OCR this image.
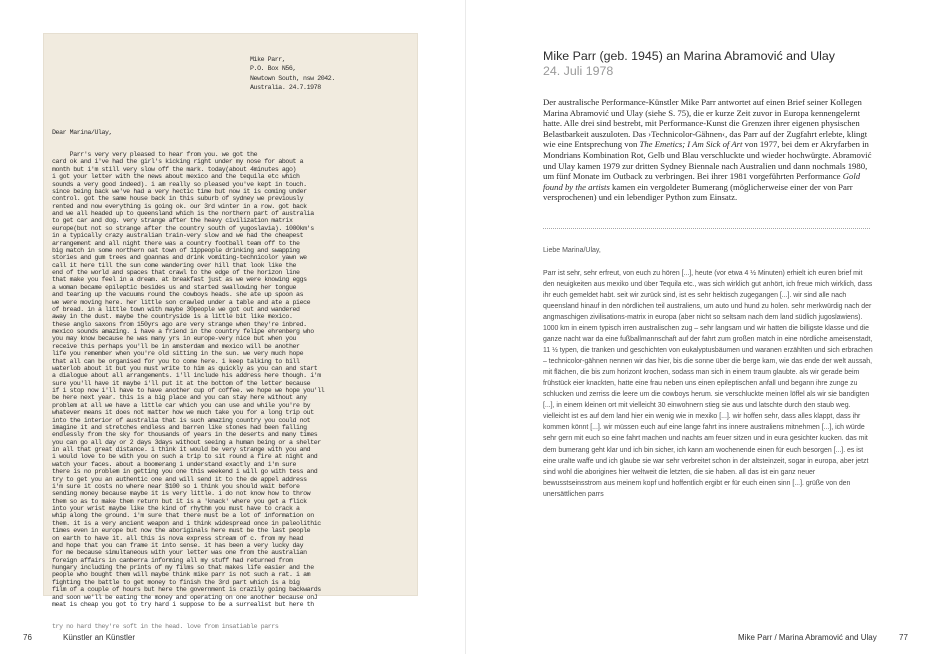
Mike Parr,
P.O. Box N56,
Newtown South, nsw 2042.
Australia. 24.7.1978

Dear Marina/Ulay,

Parr's very very pleased to hear from you. we got the
card ok and i've had the girl's kicking right under my nose for about a
month but i'm still very slow off the mark. today(about 4minutes ago)
i got your letter with the news about mexico and the tequila etc which
sounds a very good indeed). i am really so pleased you've kept in touch.
since being back we've had a very hectic time but now it is coming under
control. got the same house back in this suburb of sydney we previously
rented and now everything is going ok. our 3rd winter in a row. got back
and we all headed up to queensland which is the northern part of australia
to get car and dog. very strange after the heavy civilization matrix
europe(but not so strange after the country south of yugoslavia). 1000km's
in a typically crazy australian train-very slow and we had the cheapest
arrangement and all night there was a country football team off to the
big match in some northern oat town of 11ppeople drinking and swapping
stories and gum trees and goannas and drink vomiting-technicolor yawn we
call it here till the sun come wandering over hill that look like the
end of the world and spaces that crawl to the edge of the horizon line
that make you feel in a dream. at breakfast just as we were knowing eggs
a woman became epileptic besides us and started swallowing her tongue
and tearing up the vacuums round the cowboys heads. she ate up spoon as
we were moving here. her little son crawled under a table and ate a piece
of bread. in a little town with maybe 30people we got out and wandered
away in the dust. maybe the countryside is a little bit like mexico.
these anglo saxons from 150yrs ago are very strange when they're inbred.
mexico sounds amazing. i have a friend in the country felipe ehrenberg who
you may know because he was many yrs in europe-very nice but when you
receive this perhaps you'll be in amsterdam and mexico will be another
life you remember when you're old sitting in the sun. we very much hope
that all can be organised for you to come here. i keep talking to bill
waterlob about it but you must write to him as quickly as you can and start
a dialogue about all arrangements. i'll include his address here though. i'm
sure you'll have it maybe i'll put it at the bottom of the letter because
if i stop now i'll have to have another cup of coffee. we hope we hope you'll
be here next year. this is a big place and you can stay here without any
problem at all we have a little car which you can use and while you're by
whatever means it does not matter how we much take you for a long trip out
into the interior of australia that is such amazing country you could not
imagine it and stretches endless and barren like stones had been falling
endlessly from the sky for thousands of years in the deserts and many times
you can go all day or 2 days 3days without seeing a human being or a shelter
in all that great distance. i think it would be very strange with you and
i would love to be with you on such a trip to sit round a fire at night and
watch your faces. about a boomerang i understand exactly and i'm sure
there is no problem in getting you one this weekend i will go with tess and
try to get you an authentic one and will send it to the de appel address
i'm sure it costs no where near $100 so i think you should wait before
sending money because maybe it is very little. i do not know how to throw
them so as to make them return but it is a 'knack' where you get a flick
into your wrist maybe like the kind of rhythm you must have to crack a
whip along the ground. i'm sure that there must be a lot of information on
them. it is a very ancient weapon and i think widespread once in paleolithic
times even in europe but now the aboriginals here must be the last people
on earth to have it. all this is nova express stream of c. from my head
and hope that you can frame it into sense. it has been a very lucky day
for me because simultaneous with your letter was one from the australian
foreign affairs in canberra informing all my stuff had returned from
hungary including the prints of my films so that makes life easier and the
people who bought them will maybe think mike parr is not such a rat. i am
fighting the battle to get money to finish the 3rd part which is a big
film of a couple of hours but here the government is crazily going backwards
and soon we'll be eating the money and operating on one another because onJ
meat is cheap you got to try hard i suppose to be a surrealist but here th

try no hard they're soft in the head. love from insatiable parrs

76	Künstler an Künstler
Mike Parr (geb. 1945) an Marina Abramović and Ulay
24. Juli 1978
Der australische Performance-Künstler Mike Parr antwortet auf einen Brief seiner Kollegen Marina Abramović und Ulay (siehe S. 75), die er kurze Zeit zuvor in Europa kennengelernt hatte. Alle drei sind bestrebt, mit Performance-Kunst die Grenzen ihrer eigenen physischen Belastbarkeit auszuloten. Das ›Technicolor-Gähnen‹, das Parr auf der Zugfahrt erlebte, klingt wie eine Entsprechung von The Emetics; I Am Sick of Art von 1977, bei dem er Akryfarben in Mondrians Kombination Rot, Gelb und Blau verschluckte und wieder hochwürgte. Abramović und Ulay kamen 1979 zur dritten Sydney Biennale nach Australien und dann nochmals 1980, um fünf Monate im Outback zu verbringen. Bei ihrer 1981 vorgeführten Performance Gold found by the artists kamen ein vergoldeter Bumerang (möglicherweise einer der von Parr versprochenen) und ein lebendiger Python zum Einsatz.
Liebe Marina/Ulay,

Parr ist sehr, sehr erfreut, von euch zu hören [...], heute (vor etwa 4 ½ Minuten) erhielt ich euren brief mit den neuigkeiten aus mexiko und über Tequila etc., was sich wirklich gut anhört, ich freue mich wirklich, dass ihr euch gemeldet habt. seit wir zurück sind, ist es sehr hektisch zugegangen [...]. wir sind alle nach queensland hinauf in den nördlichen teil australiens, um auto und hund zu holen. sehr merkwürdig nach der angmaschigen zivilisations-matrix in europa (aber nicht so seltsam nach dem land südlich jugoslawiens). 1000 km in einem typisch irren australischen zug – sehr langsam und wir hatten die billigste klasse und die ganze nacht war da eine fußballmannschaft auf der fahrt zum großen match in eine nördliche ameisenstadt, 11 ½ typen, die tranken und geschichten von eukalyptusbäumen und waranen erzählten und sich erbrachen – technicolor-gähnen nennen wir das hier, bis die sonne über die berge kam, wie das ende der welt aussah, mit flächen, die bis zum horizont krochen, sodass man sich in einem traum glaubte. als wir gerade beim frühstück eier knackten, hatte eine frau neben uns einen epileptischen anfall und begann ihre zunge zu schlucken und zerriss die leere um die cowboys herum. sie verschluckte meinen löffel als wir sie bandigten [...], in einem kleinen ort mit vielleicht 30 einwohnern stieg sie aus und latschte durch den staub weg. vielleicht ist es auf dem land hier ein wenig wie in mexiko [...]. wir hoffen sehr, dass alles klappt, dass ihr kommen könnt [...]. wir müssen euch auf eine lange fahrt ins innere australiens mitnehmen [...], ich würde sehr gern mit euch so eine fahrt machen und nachts am feuer sitzen und in eura gesichter kucken. das mit dem bumerang geht klar und ich bin sicher, ich kann am wochenende einen für euch besorgen [...]. es ist eine uralte waffe und ich glaube sie war sehr verbreitet schon in der altsteinzeit, sogar in europa, aber jetzt sind wohl die aborigines hier weltweit die letzten, die sie haben. all das ist ein ganz neuer bewusstseinsstrom aus meinem kopf und hoffentlich ergibt er für euch einen sinn [...]. grüße von den unersättlichen parrs

Mike Parr / Marina Abramović and Ulay	77
